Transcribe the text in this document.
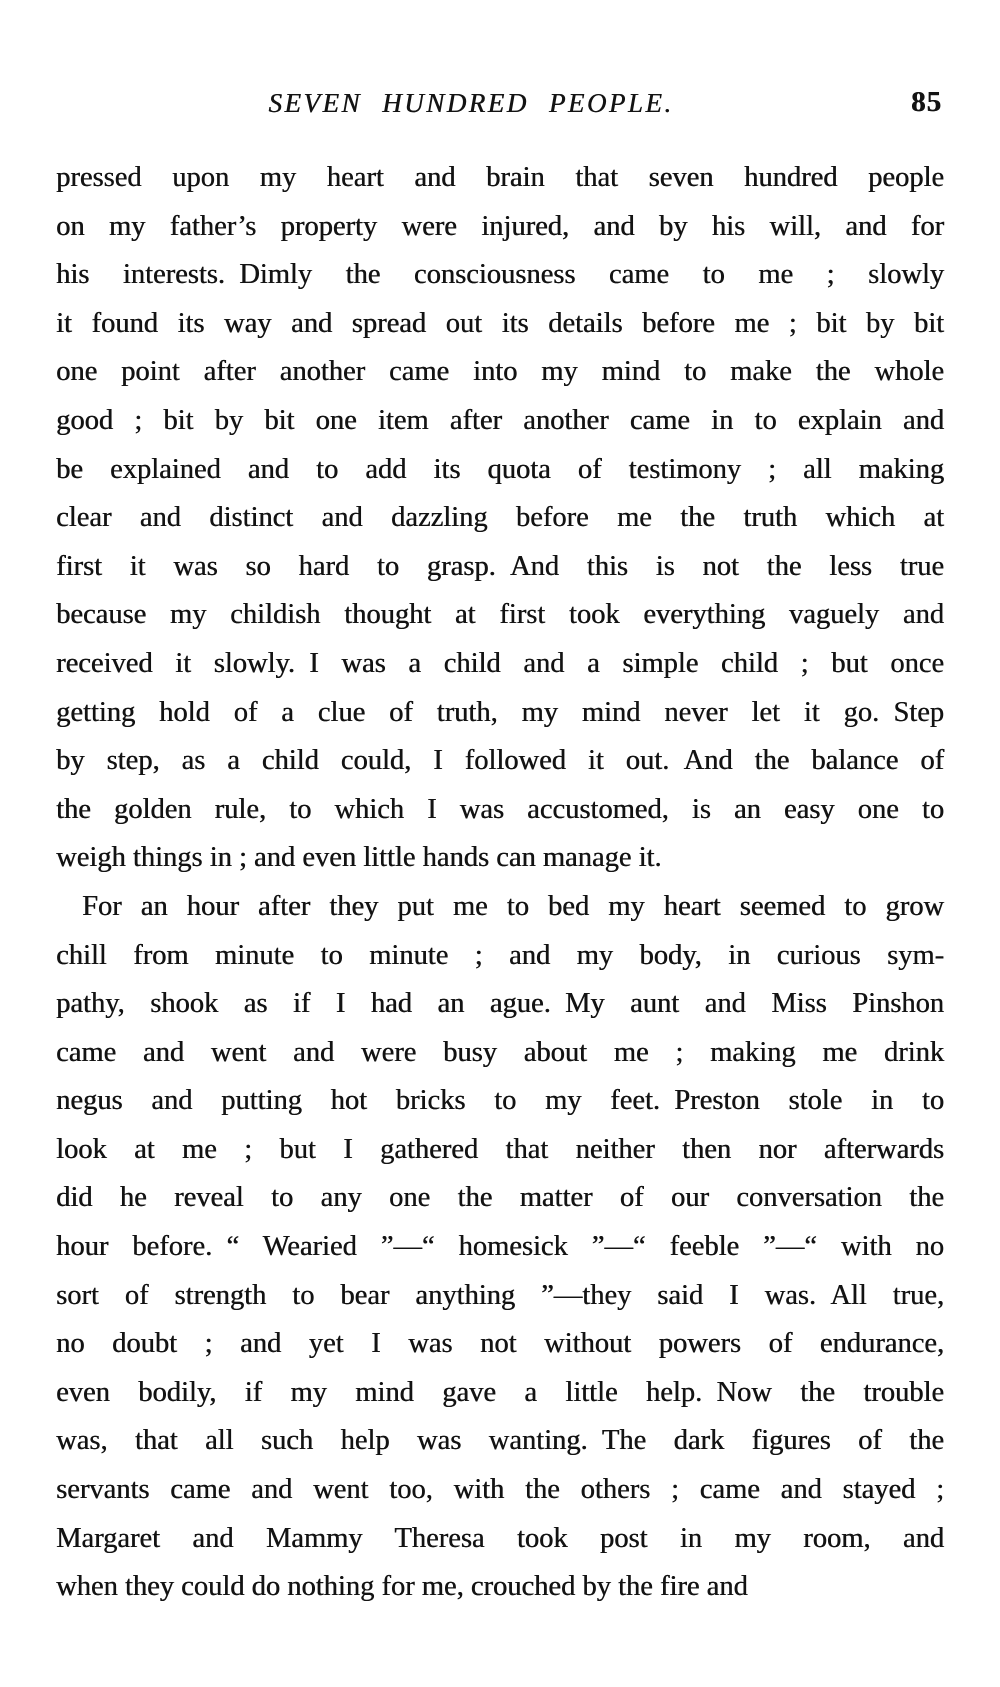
SEVEN HUNDRED PEOPLE.	85
pressed upon my heart and brain that seven hundred people
on my father’s property were injured, and by his will, and for
his interests. Dimly the consciousness came to me ; slowly
it found its way and spread out its details before me ; bit by bit
one point after another came into my mind to make the whole
good ; bit by bit one item after another came in to explain and
be explained and to add its quota of testimony ; all making
clear and distinct and dazzling before me the truth which at
first it was so hard to grasp. And this is not the less true
because my childish thought at first took everything vaguely and
received it slowly. I was a child and a simple child ; but once
getting hold of a clue of truth, my mind never let it go. Step
by step, as a child could, I followed it out. And the balance of
the golden rule, to which I was accustomed, is an easy one to
weigh things in ; and even little hands can manage it.
For an hour after they put me to bed my heart seemed to grow
chill from minute to minute ; and my body, in curious sym-
pathy, shook as if I had an ague. My aunt and Miss Pinshon
came and went and were busy about me ; making me drink
negus and putting hot bricks to my feet. Preston stole in to
look at me ; but I gathered that neither then nor afterwards
did he reveal to any one the matter of our conversation the
hour before. “ Wearied ”—“ homesick ”—“ feeble ”—“ with no
sort of strength to bear anything ”—they said I was. All true,
no doubt ; and yet I was not without powers of endurance,
even bodily, if my mind gave a little help. Now the trouble
was, that all such help was wanting. The dark figures of the
servants came and went too, with the others ; came and stayed ;
Margaret and Mammy Theresa took post in my room, and
when they could do nothing for me, crouched by the fire and
